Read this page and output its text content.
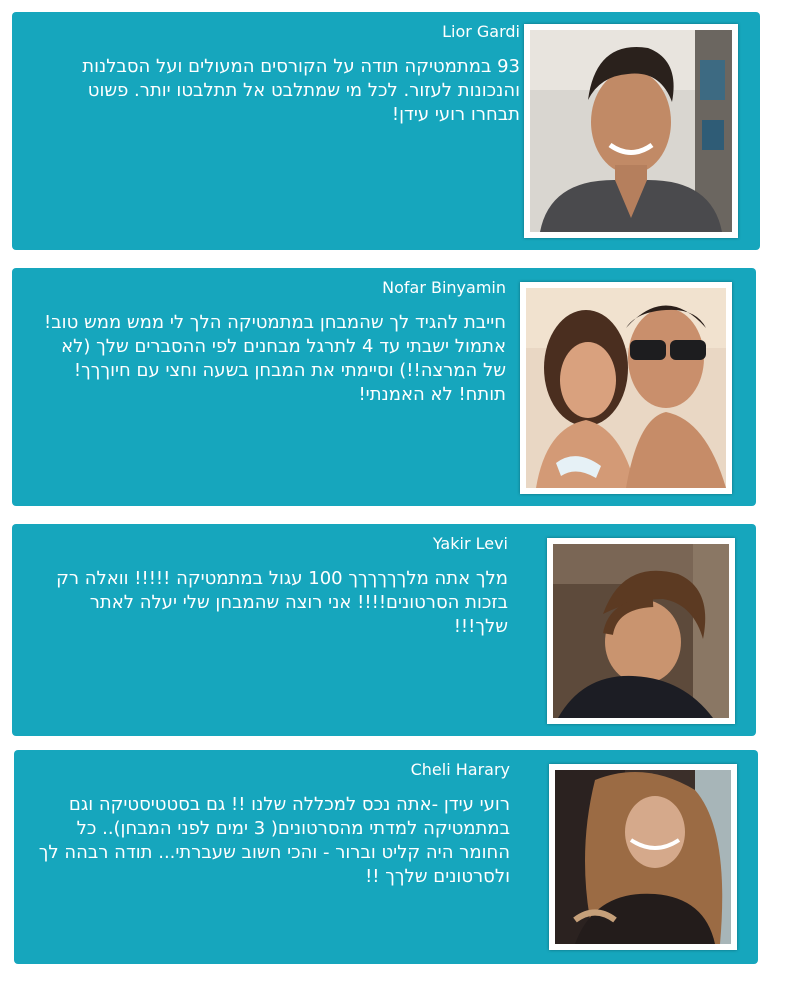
Lior Gardi
93 במתמטיקה תודה על הקורסים המעולים ועל הסבלנות והנכונות לעזור. לכל מי שמתלבט אל תתלבטו יותר. פשוט תבחרו רועי עידן!
Nofar Binyamin
חייבת להגיד לך שהמבחן במתמטיקה הלך לי ממש ממש טוב! אתמול ישבתי עד 4 לתרגל מבחנים לפי ההסברים שלך (לא של המרצה!!) וסיימתי את המבחן בשעה וחצי עם חיוךךך! תותח! לא האמנתי!
Yakir Levi
מלך אתה מלךךךךךך 100 עגול במתמטיקה !!!!! וואלה רק בזכות הסרטונים!!!! אני רוצה שהמבחן שלי יעלה לאתר שלך!!!
Cheli Harary
רועי עידן -אתה נכס למכללה שלנו !! גם בסטטיסטיקה וגם במתמטיקה למדתי מהסרטונים( 3 ימים לפני המבחן).. כל החומר היה קליט וברור - והכי חשוב שעברתי... תודה רבהה לך ולסרטונים שלךך !!
